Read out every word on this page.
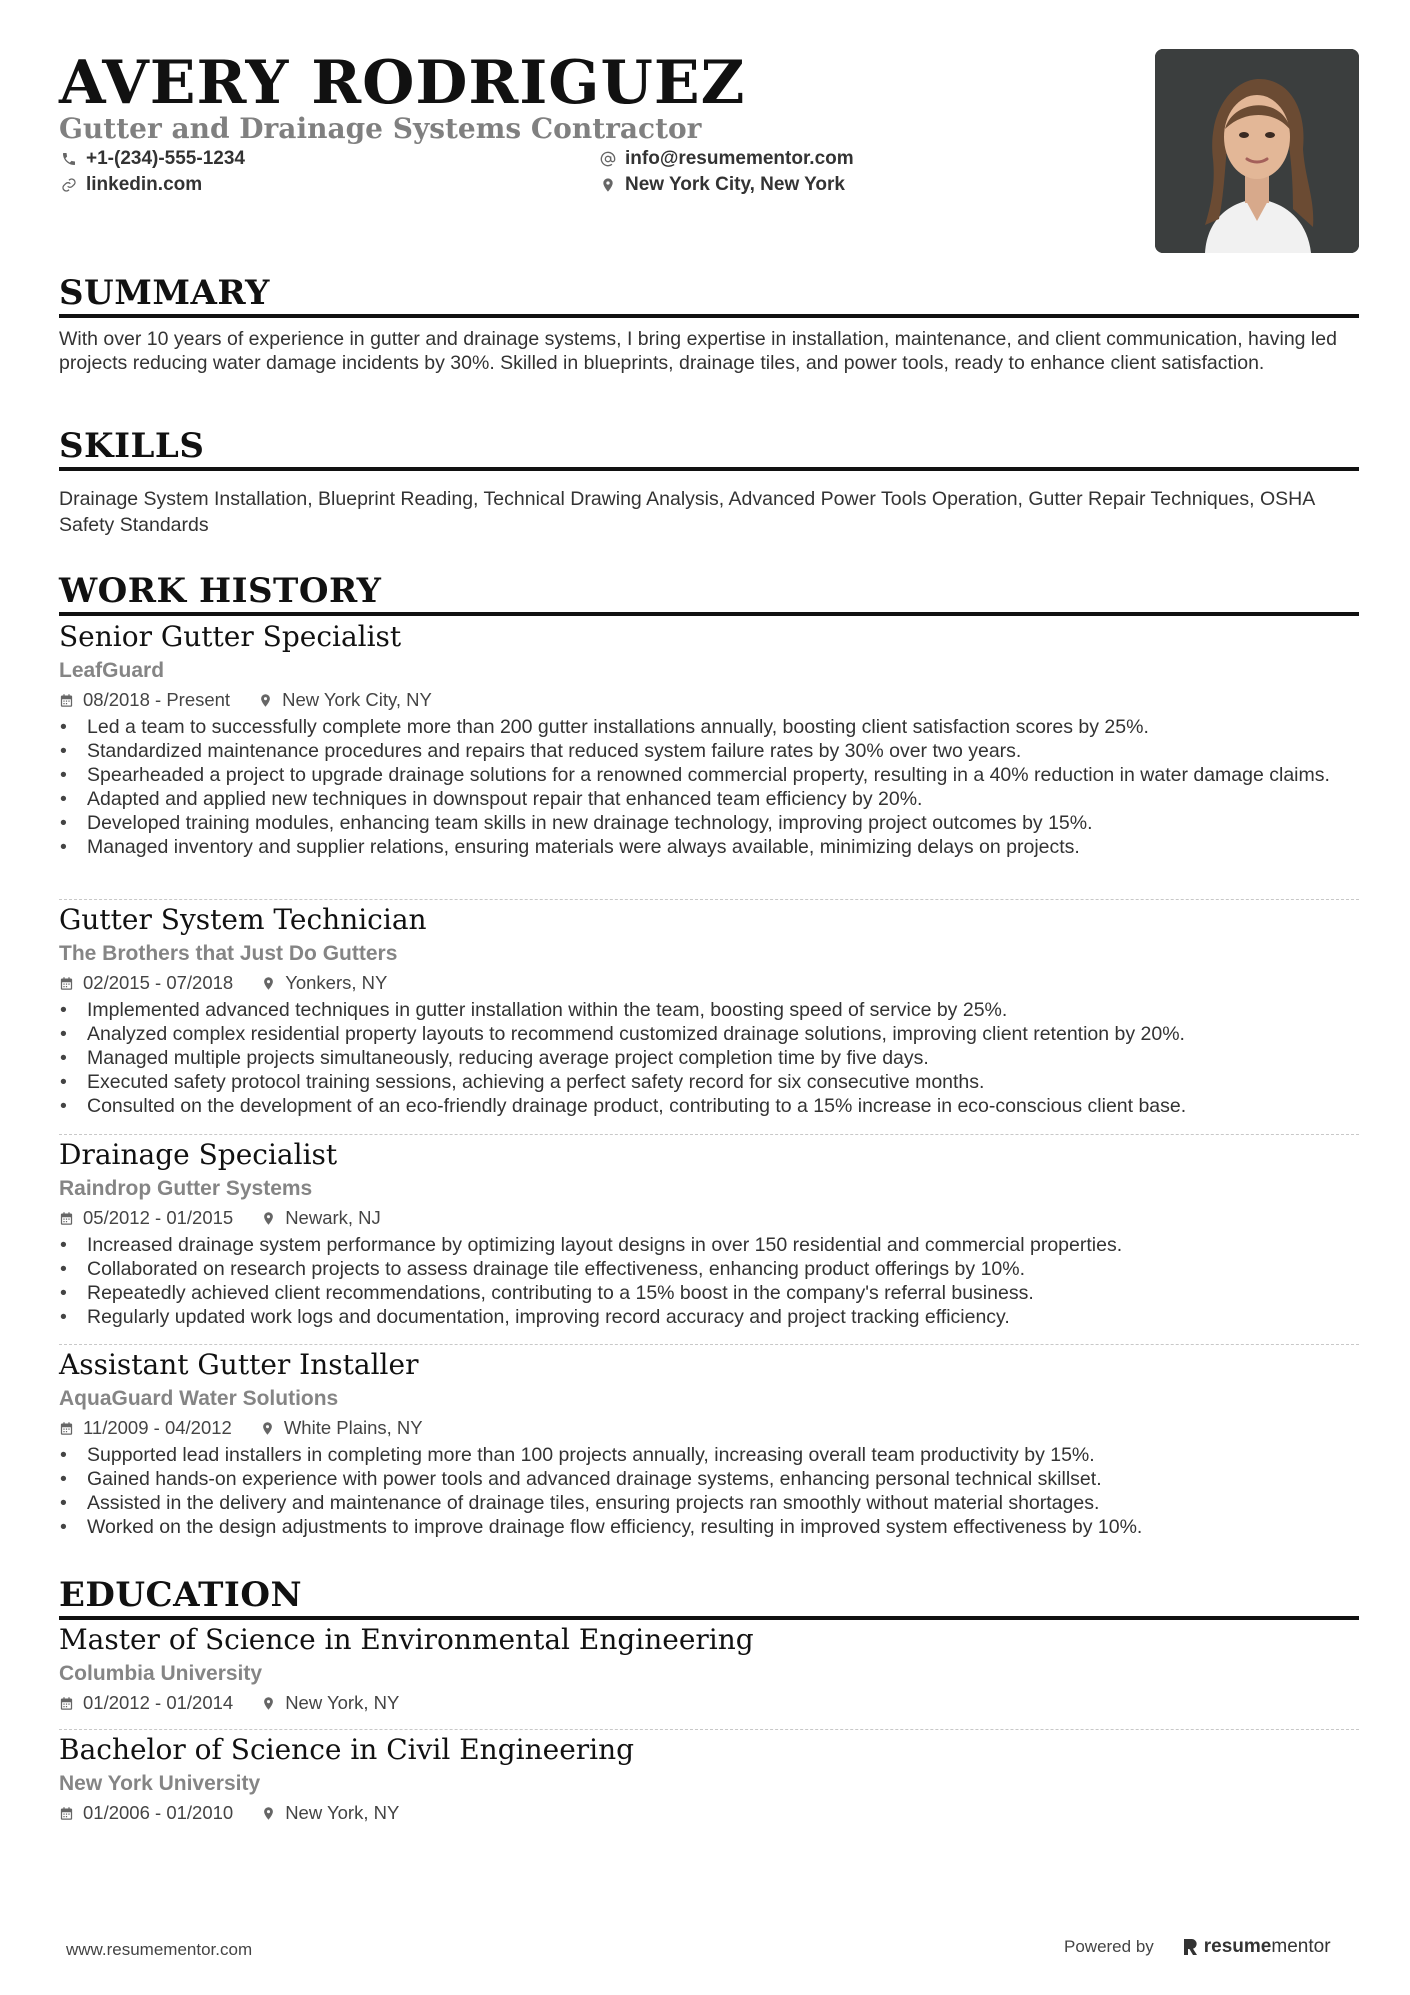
AVERY RODRIGUEZ
Gutter and Drainage Systems Contractor
+1-(234)-555-1234	info@resumementor.com
linkedin.com	New York City, New York
SUMMARY

With over 10 years of experience in gutter and drainage systems, I bring expertise in installation, maintenance, and client communication, having led projects reducing water damage incidents by 30%. Skilled in blueprints, drainage tiles, and power tools, ready to enhance client satisfaction.

SKILLS

Drainage System Installation, Blueprint Reading, Technical Drawing Analysis, Advanced Power Tools Operation, Gutter Repair Techniques, OSHA Safety Standards

WORK HISTORY
Senior Gutter Specialist
LeafGuard
08/2018 - Present	New York City, NY
• Led a team to successfully complete more than 200 gutter installations annually, boosting client satisfaction scores by 25%.
• Standardized maintenance procedures and repairs that reduced system failure rates by 30% over two years.
• Spearheaded a project to upgrade drainage solutions for a renowned commercial property, resulting in a 40% reduction in water damage claims.
• Adapted and applied new techniques in downspout repair that enhanced team efficiency by 20%.
• Developed training modules, enhancing team skills in new drainage technology, improving project outcomes by 15%.
• Managed inventory and supplier relations, ensuring materials were always available, minimizing delays on projects.
Gutter System Technician
The Brothers that Just Do Gutters
02/2015 - 07/2018	Yonkers, NY
• Implemented advanced techniques in gutter installation within the team, boosting speed of service by 25%.
• Analyzed complex residential property layouts to recommend customized drainage solutions, improving client retention by 20%.
• Managed multiple projects simultaneously, reducing average project completion time by five days.
• Executed safety protocol training sessions, achieving a perfect safety record for six consecutive months.
• Consulted on the development of an eco-friendly drainage product, contributing to a 15% increase in eco-conscious client base.
Drainage Specialist
Raindrop Gutter Systems
05/2012 - 01/2015	Newark, NJ
• Increased drainage system performance by optimizing layout designs in over 150 residential and commercial properties.
• Collaborated on research projects to assess drainage tile effectiveness, enhancing product offerings by 10%.
• Repeatedly achieved client recommendations, contributing to a 15% boost in the company's referral business.
• Regularly updated work logs and documentation, improving record accuracy and project tracking efficiency.
Assistant Gutter Installer
AquaGuard Water Solutions
11/2009 - 04/2012	White Plains, NY
• Supported lead installers in completing more than 100 projects annually, increasing overall team productivity by 15%.
• Gained hands-on experience with power tools and advanced drainage systems, enhancing personal technical skillset.
• Assisted in the delivery and maintenance of drainage tiles, ensuring projects ran smoothly without material shortages.
• Worked on the design adjustments to improve drainage flow efficiency, resulting in improved system effectiveness by 10%.
EDUCATION
Master of Science in Environmental Engineering
Columbia University
01/2012 - 01/2014	New York, NY
Bachelor of Science in Civil Engineering
New York University
01/2006 - 01/2010	New York, NY
www.resumementor.com	Powered by	resumementor
